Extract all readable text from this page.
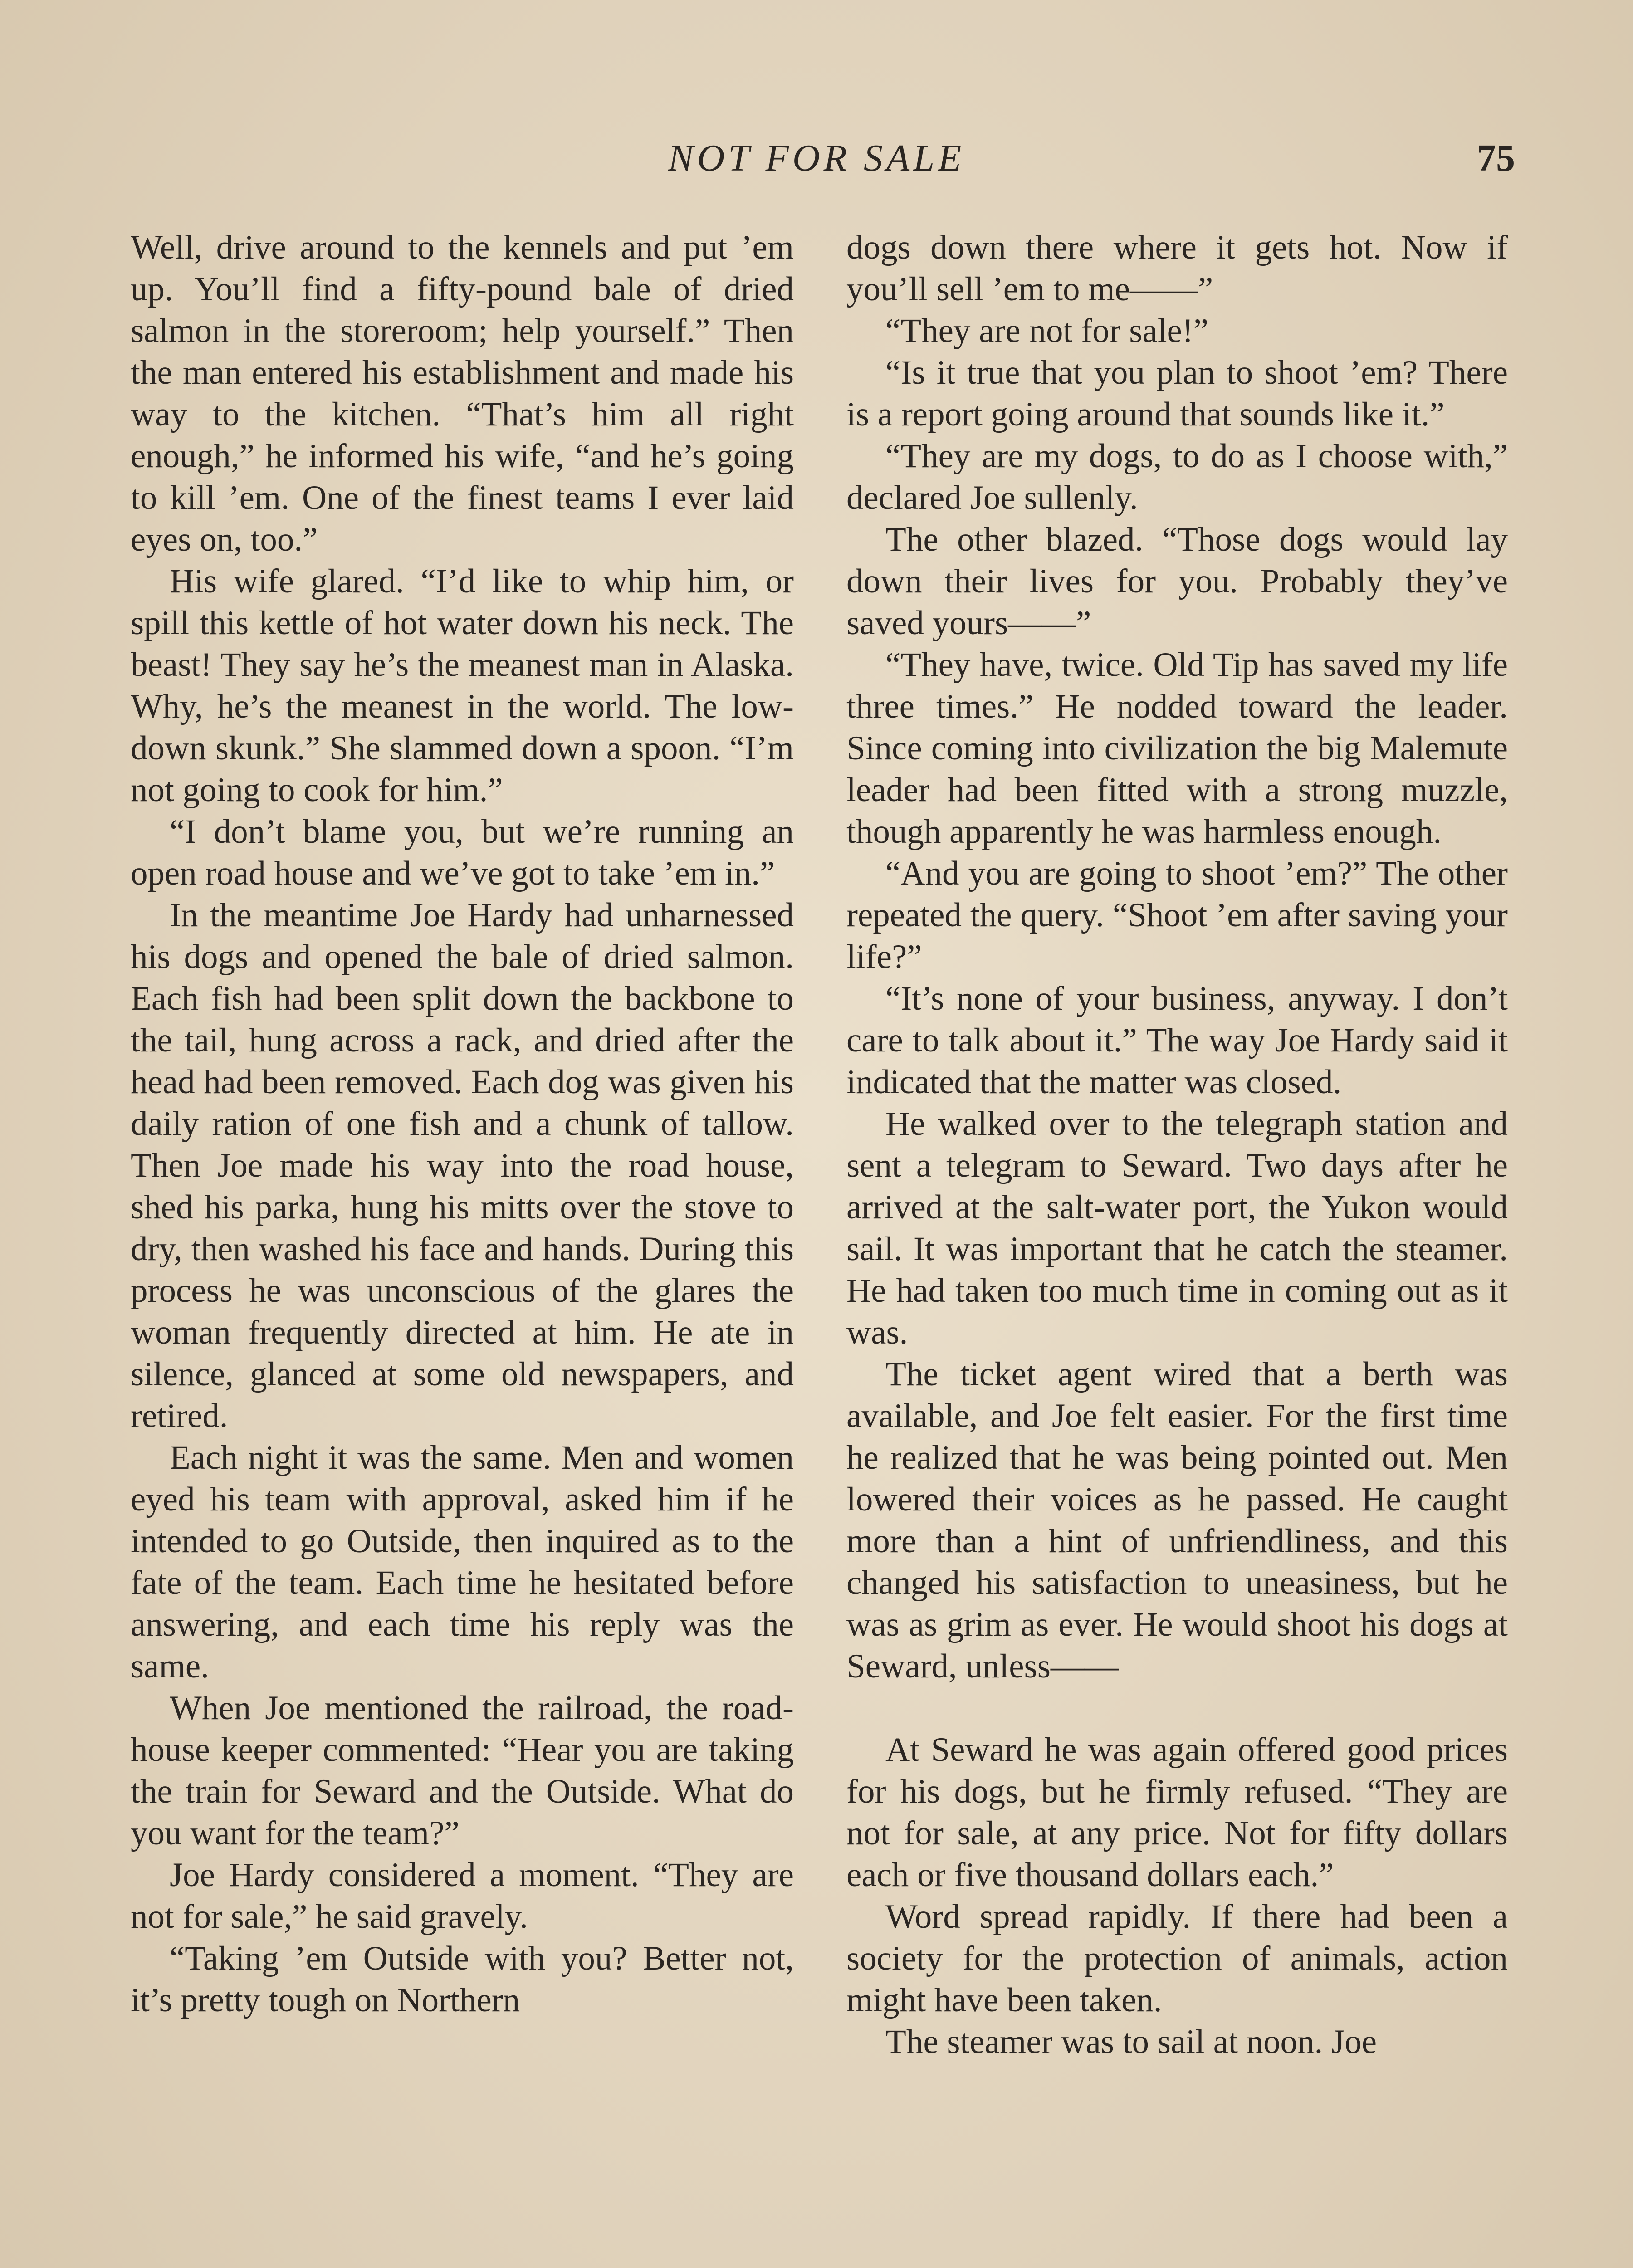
NOT FOR SALE	75

Well, drive around to the kennels and put ’em up. You’ll find a fifty-pound bale of dried salmon in the storeroom; help yourself.” Then the man entered his establishment and made his way to the kitchen. “That’s him all right enough,” he informed his wife, “and he’s going to kill ’em. One of the finest teams I ever laid eyes on, too.”

His wife glared. “I’d like to whip him, or spill this kettle of hot water down his neck. The beast! They say he’s the meanest man in Alaska. Why, he’s the meanest in the world. The low-down skunk.” She slammed down a spoon. “I’m not going to cook for him.”

“I don’t blame you, but we’re running an open road house and we’ve got to take ’em in.”

In the meantime Joe Hardy had unharnessed his dogs and opened the bale of dried salmon. Each fish had been split down the backbone to the tail, hung across a rack, and dried after the head had been removed. Each dog was given his daily ration of one fish and a chunk of tallow. Then Joe made his way into the road house, shed his parka, hung his mitts over the stove to dry, then washed his face and hands. During this process he was unconscious of the glares the woman frequently directed at him. He ate in silence, glanced at some old newspapers, and retired.

Each night it was the same. Men and women eyed his team with approval, asked him if he intended to go Outside, then inquired as to the fate of the team. Each time he hesitated before answering, and each time his reply was the same.

When Joe mentioned the railroad, the road-house keeper commented: “Hear you are taking the train for Seward and the Outside. What do you want for the team?”

Joe Hardy considered a moment. “They are not for sale,” he said gravely.

“Taking ’em Outside with you? Better not, it’s pretty tough on Northern

dogs down there where it gets hot. Now if you’ll sell ’em to me——”

“They are not for sale!”

“Is it true that you plan to shoot ’em? There is a report going around that sounds like it.”

“They are my dogs, to do as I choose with,” declared Joe sullenly.

The other blazed. “Those dogs would lay down their lives for you. Probably they’ve saved yours——”

“They have, twice. Old Tip has saved my life three times.” He nodded toward the leader. Since coming into civilization the big Malemute leader had been fitted with a strong muzzle, though apparently he was harmless enough.

“And you are going to shoot ’em?” The other repeated the query. “Shoot ’em after saving your life?”

“It’s none of your business, anyway. I don’t care to talk about it.” The way Joe Hardy said it indicated that the matter was closed.

He walked over to the telegraph station and sent a telegram to Seward. Two days after he arrived at the salt-water port, the Yukon would sail. It was important that he catch the steamer. He had taken too much time in coming out as it was.

The ticket agent wired that a berth was available, and Joe felt easier. For the first time he realized that he was being pointed out. Men lowered their voices as he passed. He caught more than a hint of unfriendliness, and this changed his satisfaction to uneasiness, but he was as grim as ever. He would shoot his dogs at Seward, unless——

At Seward he was again offered good prices for his dogs, but he firmly refused. “They are not for sale, at any price. Not for fifty dollars each or five thousand dollars each.”

Word spread rapidly. If there had been a society for the protection of animals, action might have been taken.

The steamer was to sail at noon. Joe
